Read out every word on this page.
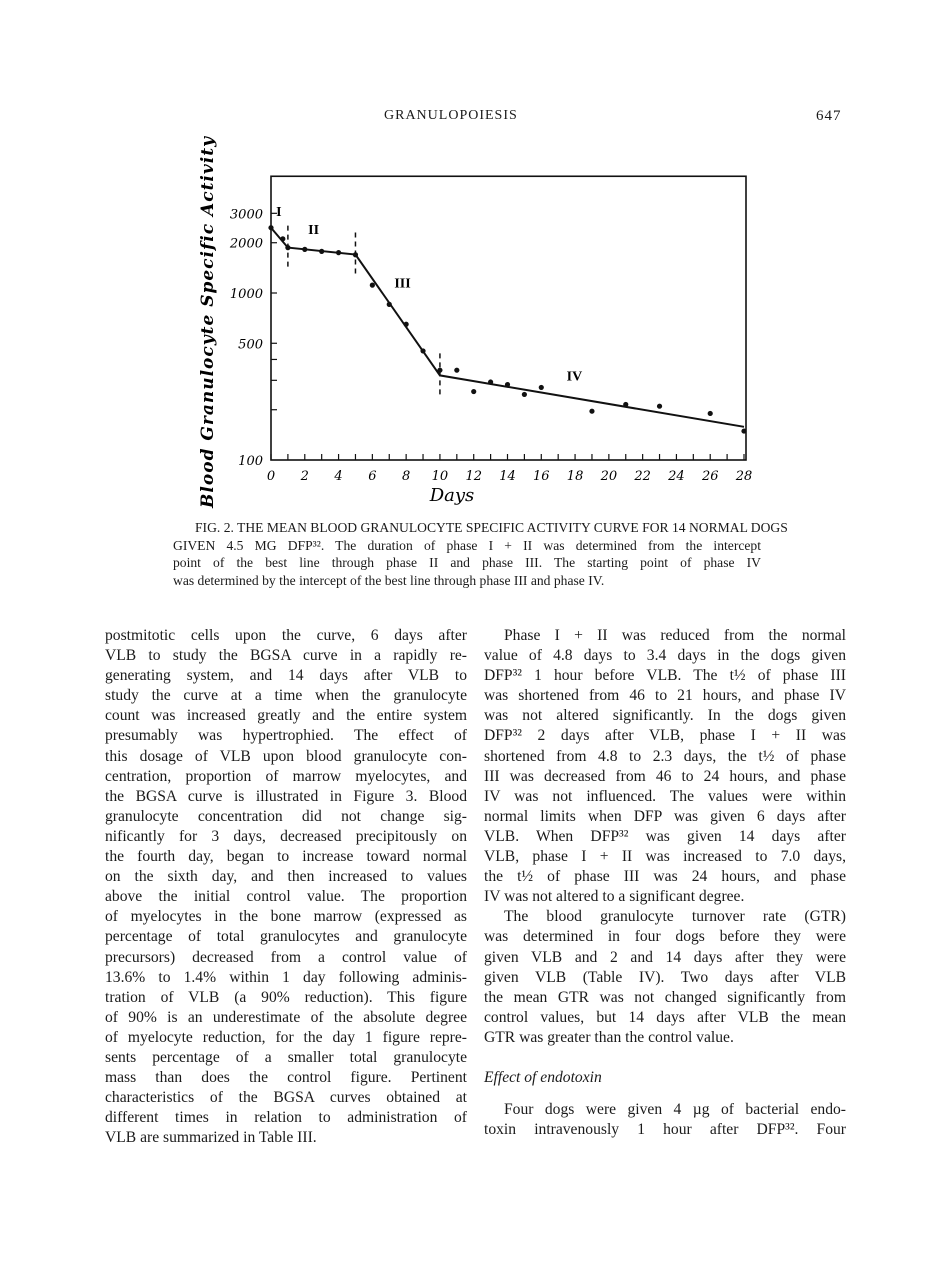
GRANULOPOIESIS	647
0 2 4 6 8 10 12 14 16 18 20 22 24 26 28
100
500
1000
2000
3000
Blood Granulocyte Specific Activity	Days
I
II
III
IV
FIG. 2. THE MEAN BLOOD GRANULOCYTE SPECIFIC ACTIVITY CURVE FOR 14 NORMAL DOGS
GIVEN 4.5 MG DFP³². The duration of phase I + II was determined from the intercept
point of the best line through phase II and phase III. The starting point of phase IV
was determined by the intercept of the best line through phase III and phase IV.
postmitotic cells upon the curve, 6 days after
VLB to study the BGSA curve in a rapidly re-
generating system, and 14 days after VLB to
study the curve at a time when the granulocyte
count was increased greatly and the entire system
presumably was hypertrophied. The effect of
this dosage of VLB upon blood granulocyte con-
centration, proportion of marrow myelocytes, and
the BGSA curve is illustrated in Figure 3. Blood
granulocyte concentration did not change sig-
nificantly for 3 days, decreased precipitously on
the fourth day, began to increase toward normal
on the sixth day, and then increased to values
above the initial control value. The proportion
of myelocytes in the bone marrow (expressed as
percentage of total granulocytes and granulocyte
precursors) decreased from a control value of
13.6% to 1.4% within 1 day following adminis-
tration of VLB (a 90% reduction). This figure
of 90% is an underestimate of the absolute degree
of myelocyte reduction, for the day 1 figure repre-
sents percentage of a smaller total granulocyte
mass than does the control figure. Pertinent
characteristics of the BGSA curves obtained at
different times in relation to administration of
VLB are summarized in Table III.
Phase I + II was reduced from the normal
value of 4.8 days to 3.4 days in the dogs given
DFP³² 1 hour before VLB. The t½ of phase III
was shortened from 46 to 21 hours, and phase IV
was not altered significantly. In the dogs given
DFP³² 2 days after VLB, phase I + II was
shortened from 4.8 to 2.3 days, the t½ of phase
III was decreased from 46 to 24 hours, and phase
IV was not influenced. The values were within
normal limits when DFP was given 6 days after
VLB. When DFP³² was given 14 days after
VLB, phase I + II was increased to 7.0 days,
the t½ of phase III was 24 hours, and phase
IV was not altered to a significant degree.
The blood granulocyte turnover rate (GTR)
was determined in four dogs before they were
given VLB and 2 and 14 days after they were
given VLB (Table IV). Two days after VLB
the mean GTR was not changed significantly from
control values, but 14 days after VLB the mean
GTR was greater than the control value.
Effect of endotoxin
Four dogs were given 4 µg of bacterial endo-
toxin intravenously 1 hour after DFP³². Four
